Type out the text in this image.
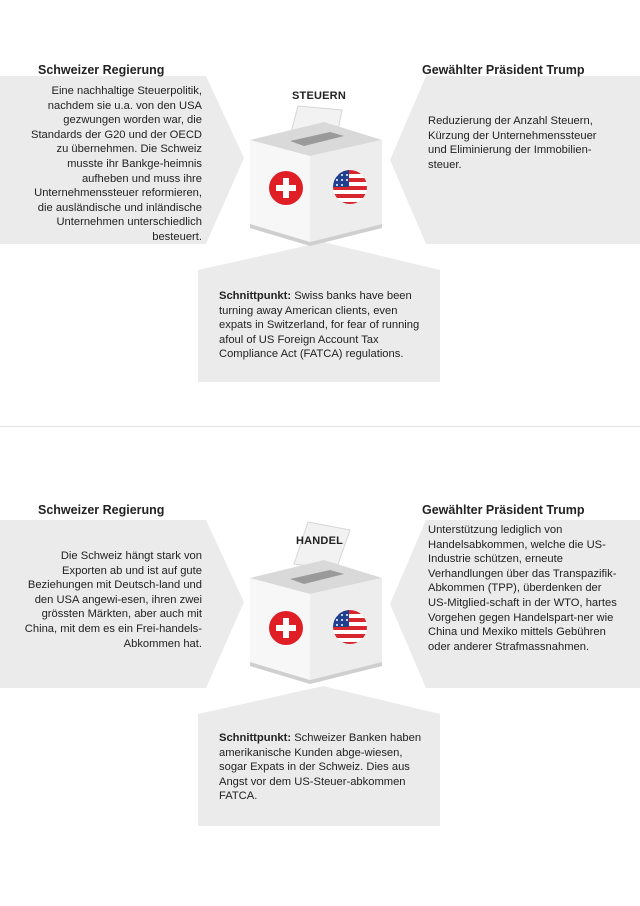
Schweizer Regierung	Gewählter Präsident Trump
Eine nachhaltige Steuerpolitik, nachdem sie u.a. von den USA gezwungen worden war, die Standards der G20 und der OECD zu übernehmen. Die Schweiz musste ihr Bankge-heimnis aufheben und muss ihre Unternehmenssteuer reformieren, die ausländische und inländische Unternehmen unterschiedlich besteuert.
Reduzierung der Anzahl Steuern, Kürzung der Unternehmenssteuer und Eliminierung der Immobilien-steuer.
STEUERN
Schnittpunkt: Swiss banks have been turning away American clients, even expats in Switzerland, for fear of running afoul of US Foreign Account Tax Compliance Act (FATCA) regulations.
Schweizer Regierung	Gewählter Präsident Trump
Die Schweiz hängt stark von Exporten ab und ist auf gute Beziehungen mit Deutsch-land und den USA angewi-esen, ihren zwei grössten Märkten, aber auch mit China, mit dem es ein Frei-handels-Abkommen hat.
Unterstützung lediglich von Handelsabkommen, welche die US-Industrie schützen, erneute Verhandlungen über das Transpazifik-Abkommen (TPP), überdenken der US-Mitglied-schaft in der WTO, hartes Vorgehen gegen Handelspart-ner wie China und Mexiko mittels Gebühren oder anderer Strafmassnahmen.
HANDEL
Schnittpunkt: Schweizer Banken haben amerikanische Kunden abge-wiesen, sogar Expats in der Schweiz. Dies aus Angst vor dem US-Steuer-abkommen FATCA.
